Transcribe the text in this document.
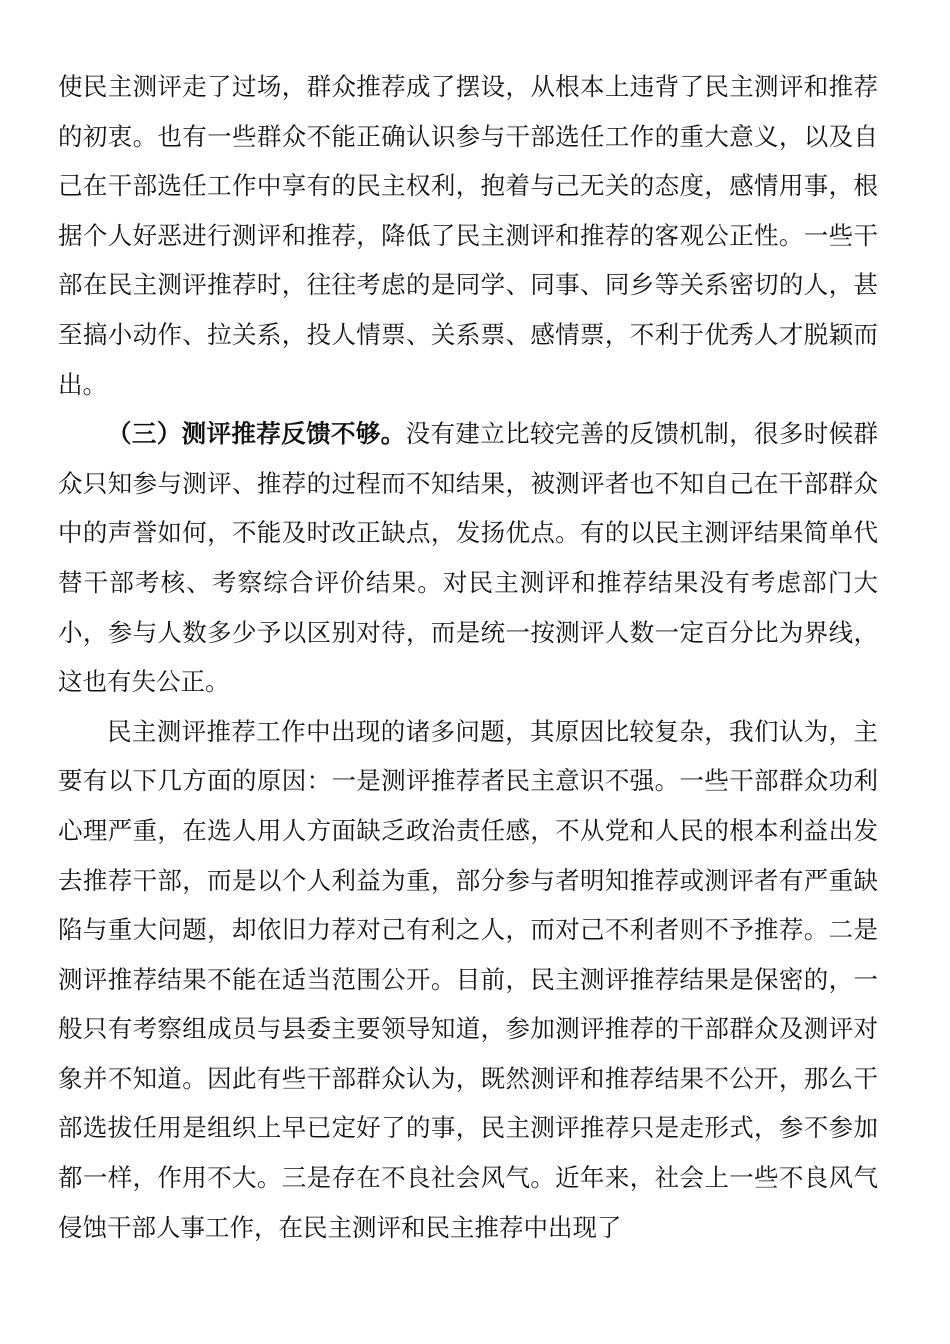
使民主测评走了过场，群众推荐成了摆设，从根本上违背了民主测评和推荐的初衷。也有一些群众不能正确认识参与干部选任工作的重大意义，以及自己在干部选任工作中享有的民主权利，抱着与己无关的态度，感情用事，根据个人好恶进行测评和推荐，降低了民主测评和推荐的客观公正性。一些干部在民主测评推荐时，往往考虑的是同学、同事、同乡等关系密切的人，甚至搞小动作、拉关系，投人情票、关系票、感情票，不利于优秀人才脱颖而出。

（三）测评推荐反馈不够。没有建立比较完善的反馈机制，很多时候群众只知参与测评、推荐的过程而不知结果，被测评者也不知自己在干部群众中的声誉如何，不能及时改正缺点，发扬优点。有的以民主测评结果简单代替干部考核、考察综合评价结果。对民主测评和推荐结果没有考虑部门大小，参与人数多少予以区别对待，而是统一按测评人数一定百分比为界线，这也有失公正。

民主测评推荐工作中出现的诸多问题，其原因比较复杂，我们认为，主要有以下几方面的原因：一是测评推荐者民主意识不强。一些干部群众功利心理严重，在选人用人方面缺乏政治责任感，不从党和人民的根本利益出发去推荐干部，而是以个人利益为重，部分参与者明知推荐或测评者有严重缺陷与重大问题，却依旧力荐对己有利之人，而对己不利者则不予推荐。二是测评推荐结果不能在适当范围公开。目前，民主测评推荐结果是保密的，一般只有考察组成员与县委主要领导知道，参加测评推荐的干部群众及测评对象并不知道。因此有些干部群众认为，既然测评和推荐结果不公开，那么干部选拔任用是组织上早已定好了的事，民主测评推荐只是走形式，参不参加都一样，作用不大。三是存在不良社会风气。近年来，社会上一些不良风气侵蚀干部人事工作，在民主测评和民主推荐中出现了
